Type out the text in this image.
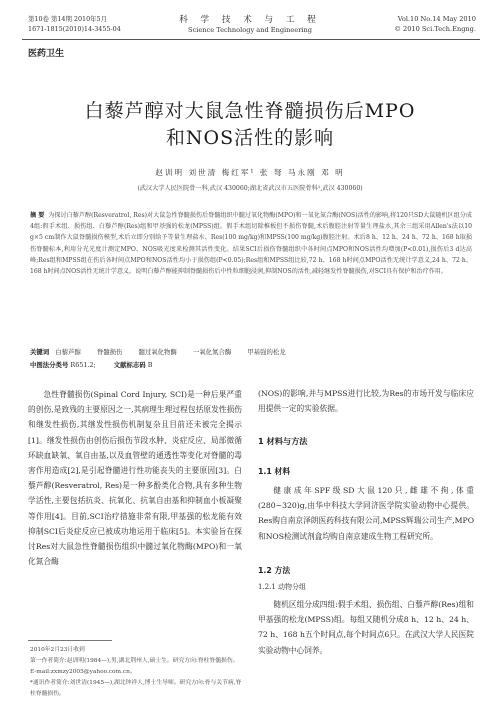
第10卷 第14期 2010年5月
1671-1815(2010)14-3455-04
科 学 技 术 与 工 程
Science Technology and Engineering
Vol.10 No.14 May 2010
© 2010 Sci.Tech.Engng.
医药卫生
白藜芦醇对大鼠急性脊髓损伤后MPO
和NOS活性的影响
赵训明 刘世清 梅红军¹ 张 弩 马永刚 邓 明
(武汉大学人民医院骨一科,武汉 430060;湖北省武汉市五医院骨科¹,武汉 430060)
摘 要 为探讨白藜芦醇(Resveratrol, Res)对大鼠急性脊髓损伤后脊髓组织中髓过氧化物酶(MPO)和一氧化氮合酶(NOS)活性的影响,将120只SD大鼠随机区组分成4组:假手术组、损伤组、白藜芦醇(Res)组和甲基强的松龙(MPSS)组。假手术组切除椎板但不损伤脊髓,术后腹腔注射等量生理盐水,其余三组采用Allen's法以10 g×5 cm制作大鼠脊髓损伤模型,术后立即分别给予等量生理盐水、Res(100 mg/kg)和MPSS(100 mg/kg)腹腔注射。术后8 h、12 h、24 h、72 h、168 h取损伤脊髓标本,利用分光光度计测定MPO、NOS吸光度来检测其活性变化。结果SCI后损伤脊髓组织中各时间点MPO和NOS活性均增加(P<0.01),损伤后3 d达高峰;Res组和MPSS组在伤后各时间点MPO和NOS活性均小于损伤组(P<0.05);Res组和MPSS组比较,72 h、168 h时间点MPO活性无统计学意义,24 h、72 h、168 h时间点NOS活性无统计学意义。说明白藜芦醇能抑制脊髓损伤后中性粒细胞浸润,抑制NOS的活性,减轻继发性脊髓损伤,对SCI具有保护和治疗作用。
关键词 白藜芦醇	脊髓损伤	髓过氧化物酶	一氧化氮合酶	甲基强的松龙
中图法分类号 R651.2;	文献标志码 B

急性脊髓损伤(Spinal Cord Injury, SCI)是一种后果严重的创伤,是致残的主要原因之一,其病理生理过程包括原发性损伤和继发性损伤,其继发性损伤机制复杂且目前还未被完全揭示[1]。继发性损伤由创伤后损伤节段水肿、炎症反应、局部微循环缺血缺氧、氧自由基,以及血管壁的通透性等变化对脊髓的毒害作用造成[2],是引起脊髓进行性功能丧失的主要原因[3]。白藜芦醇(Resveratrol, Res)是一种多酚类化合物,具有多种生物学活性,主要包括抗炎、抗氧化、抗氧自由基和抑制血小板凝聚等作用[4]。目前,SCI治疗措施非常有限,甲基强的松龙能有效抑制SCI后炎症反应已被成功地运用于临床[5]。本实验旨在探讨Res对大鼠急性脊髓损伤组织中髓过氧化物酶(MPO)和一氧化氮合酶

(NOS)的影响,并与MPSS进行比较,为Res的市场开发与临床应用提供一定的实验依据。

1 材料与方法
1.1 材料

健康成年SPF级SD大鼠120只,雌雄不拘,体重(280~320)g,由华中科技大学同济医学院实验动物中心提供。Res购自南京泽朗医药科技有限公司,MPSS辉瑞公司生产,MPO和NOS检测试剂盒均购自南京建成生物工程研究所。

1.2 方法
1.2.1 动物分组

随机区组分成四组:假手术组、损伤组、白藜芦醇(Res)组和甲基强的松龙(MPSS)组。每组又随机分成8 h、12 h、24 h、72 h、168 h五个时间点,每个时间点6只。在武汉大学人民医院实验动物中心饲养。

2010年2月23日收到
第一作者简介:赵训明(1984—),男,湖北荆州人,硕士生。研究方向:脊柱脊髓损伤。E-mail:zxmzy2005@yahoo.com.cn。
*通讯作者简介:刘世清(1945—),湖北钟祥人,博士生导师。研究方向:骨与关节病,脊柱脊髓损伤。
